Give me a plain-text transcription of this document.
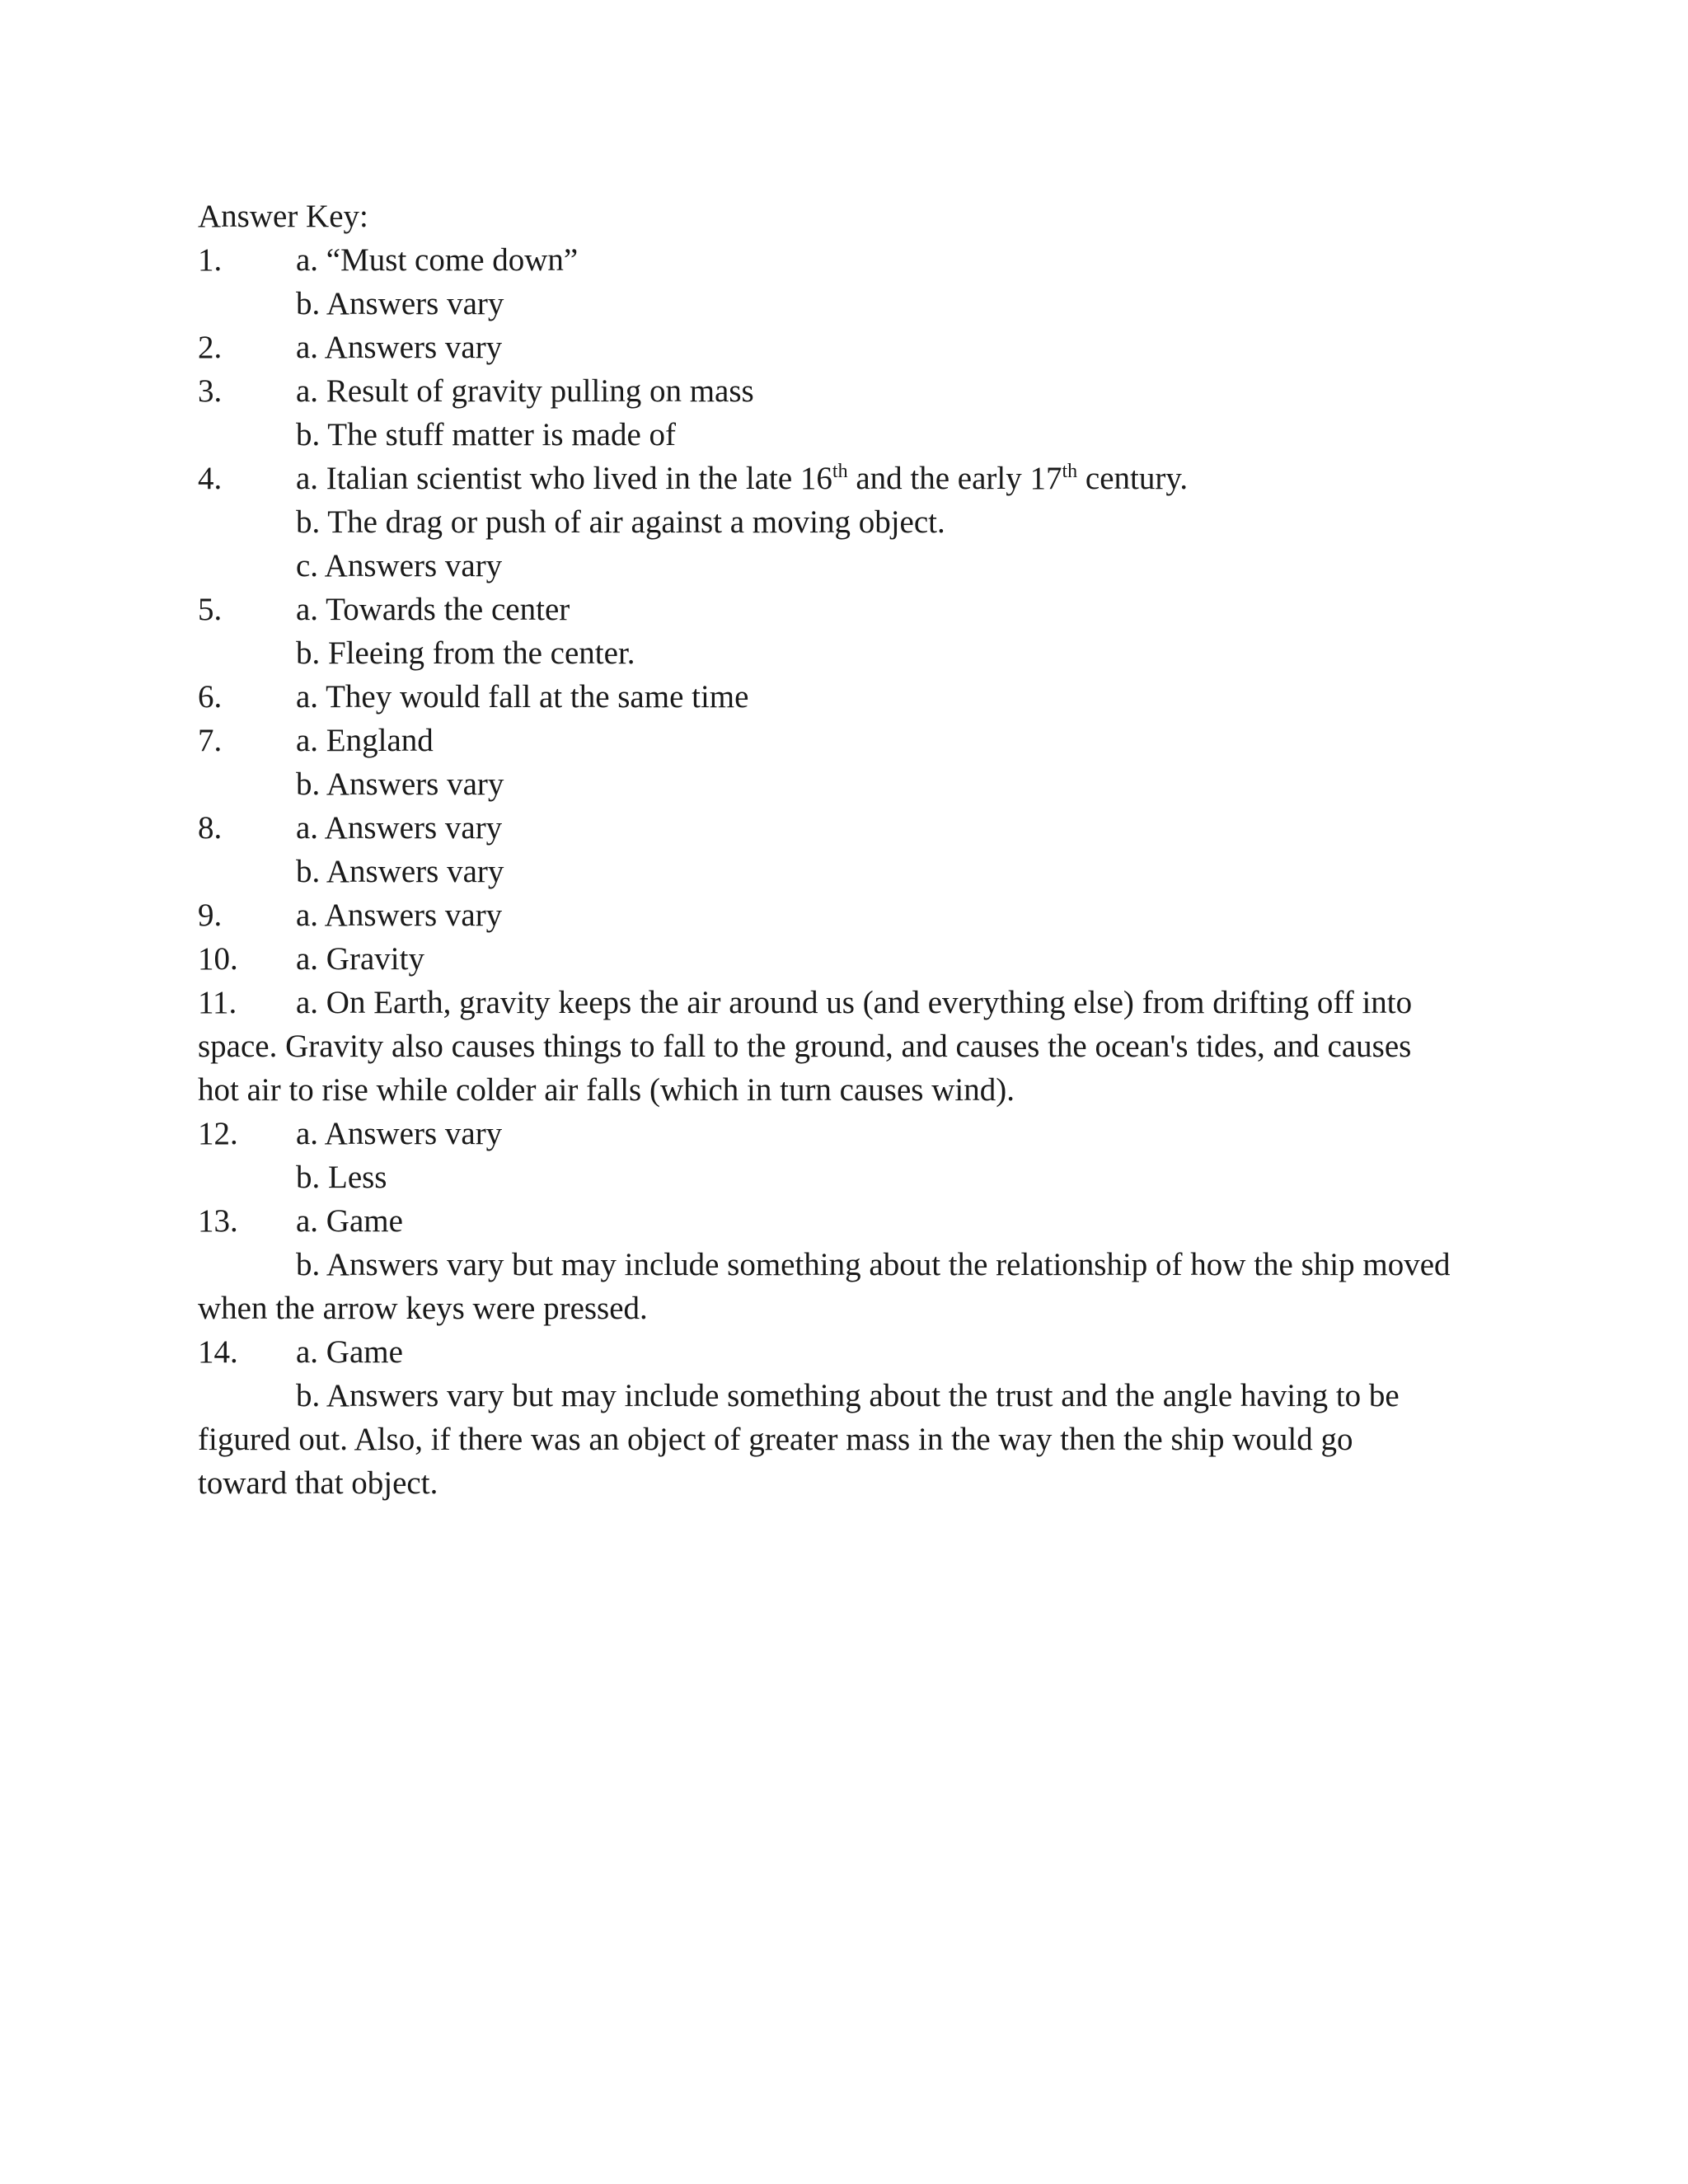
Answer Key:
1. a. “Must come down”
b. Answers vary
2. a. Answers vary
3. a. Result of gravity pulling on mass
b. The stuff matter is made of
4. a. Italian scientist who lived in the late 16th and the early 17th century.
b. The drag or push of air against a moving object.
c. Answers vary
5. a. Towards the center
b. Fleeing from the center.
6. a. They would fall at the same time
7. a. England
b. Answers vary
8. a. Answers vary
b. Answers vary
9. a. Answers vary
10. a. Gravity
11. a. On Earth, gravity keeps the air around us (and everything else) from drifting off into
space. Gravity also causes things to fall to the ground, and causes the ocean's tides, and causes
hot air to rise while colder air falls (which in turn causes wind).
12. a. Answers vary
b. Less
13. a. Game
b. Answers vary but may include something about the relationship of how the ship moved
when the arrow keys were pressed.
14. a. Game
b. Answers vary but may include something about the trust and the angle having to be
figured out. Also, if there was an object of greater mass in the way then the ship would go
toward that object.
